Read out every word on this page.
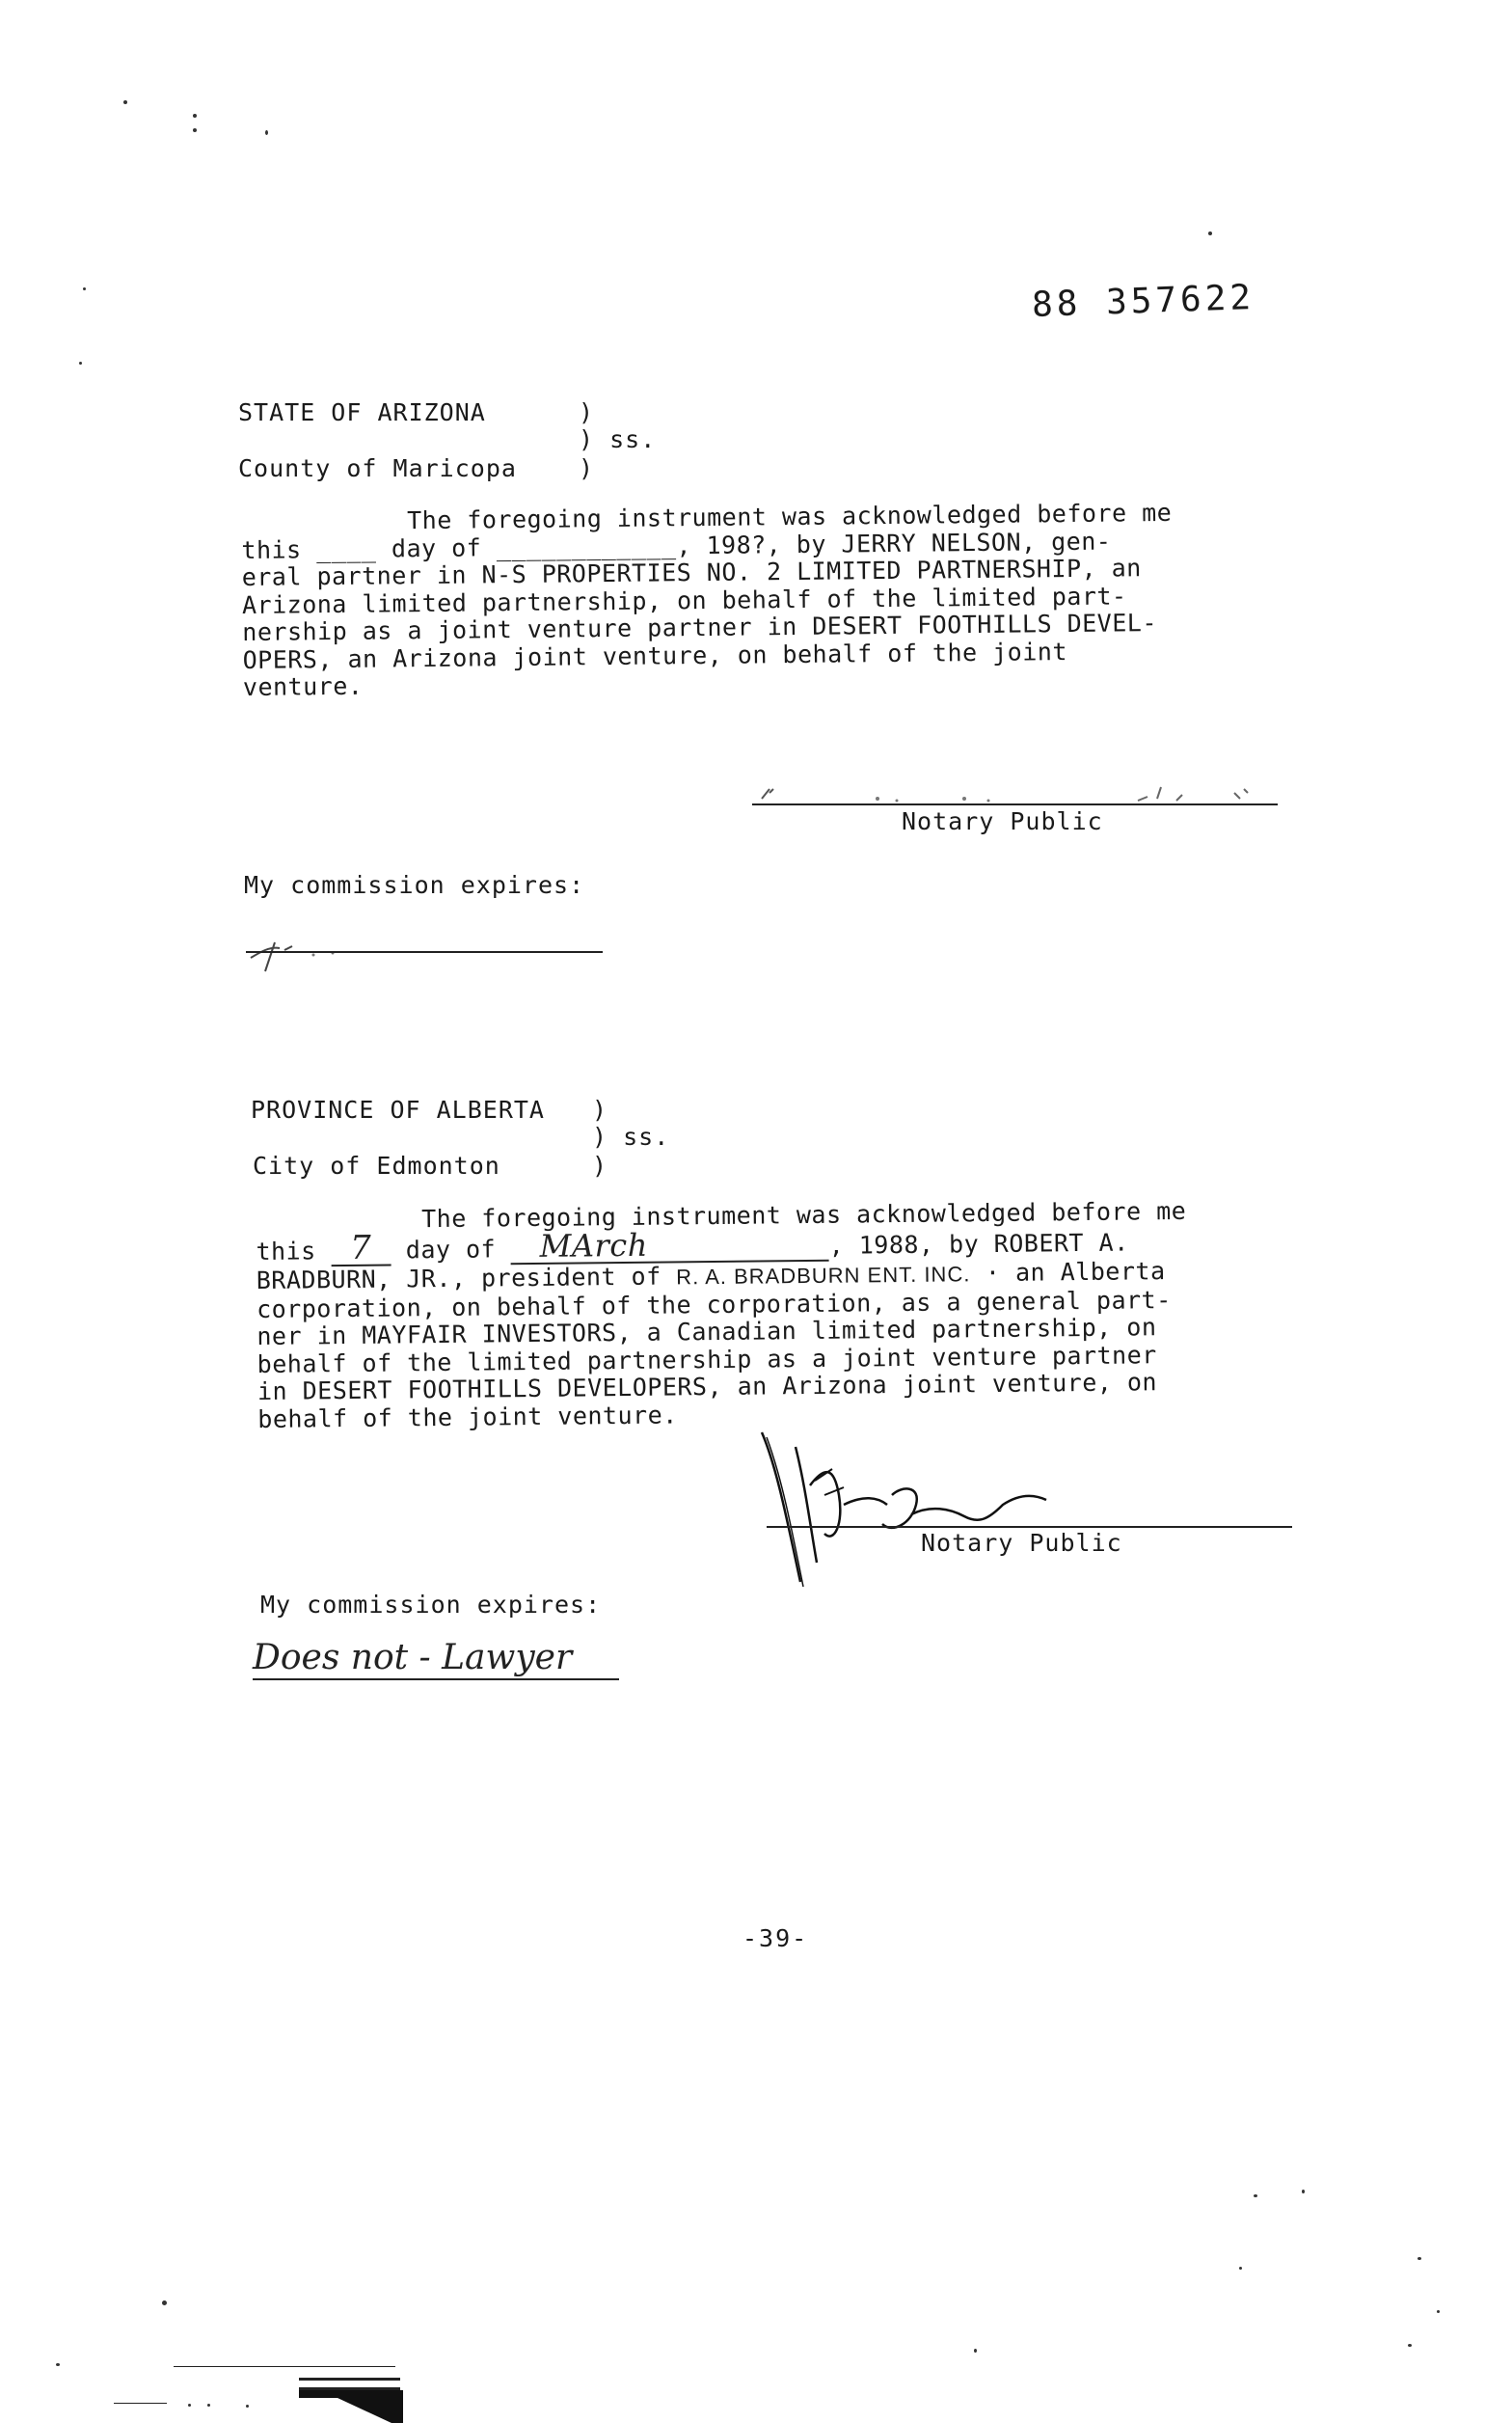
88 357622
STATE OF ARIZONA	)
) ss.
County of Maricopa	)
The foregoing instrument was acknowledged before me
this ____ day of ____________, 198?, by JERRY NELSON, gen-
eral partner in N-S PROPERTIES NO. 2 LIMITED PARTNERSHIP, an
Arizona limited partnership, on behalf of the limited part-
nership as a joint venture partner in DESERT FOOTHILLS DEVEL-
OPERS, an Arizona joint venture, on behalf of the joint
venture.
Notary Public
My commission expires:
PROVINCE OF ALBERTA )
) ss.
City of Edmonton	)
The foregoing instrument was acknowledged before me
this 7 day of MArch	, 1988, by ROBERT A.
BRADBURN, JR., president of R. A. BRADBURN ENT. INC. · an Alberta
corporation, on behalf of the corporation, as a general part-
ner in MAYFAIR INVESTORS, a Canadian limited partnership, on
behalf of the limited partnership as a joint venture partner
in DESERT FOOTHILLS DEVELOPERS, an Arizona joint venture, on
behalf of the joint venture.
Notary Public
My commission expires:
Does not - Lawyer
-39-
